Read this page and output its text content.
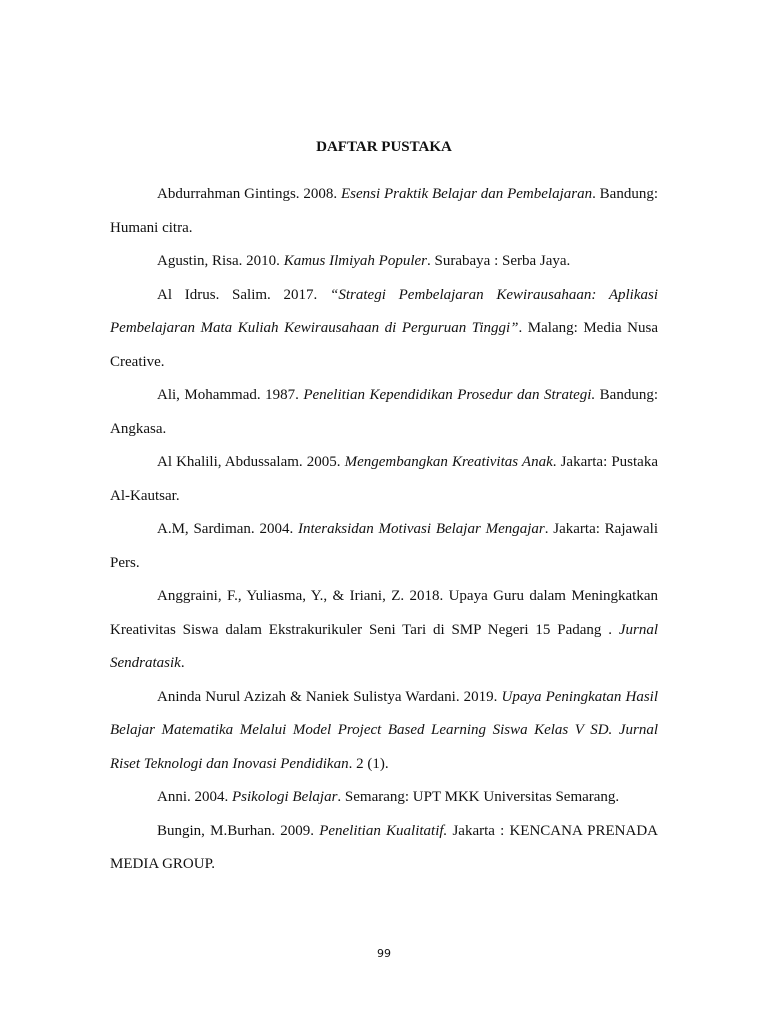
DAFTAR PUSTAKA

Abdurrahman Gintings. 2008. Esensi Praktik Belajar dan Pembelajaran. Bandung: Humani citra.

Agustin, Risa. 2010. Kamus Ilmiyah Populer. Surabaya : Serba Jaya.

Al Idrus. Salim. 2017. “Strategi Pembelajaran Kewirausahaan: Aplikasi Pembelajaran Mata Kuliah Kewirausahaan di Perguruan Tinggi”. Malang: Media Nusa Creative.

Ali, Mohammad. 1987. Penelitian Kependidikan Prosedur dan Strategi. Bandung: Angkasa.

Al Khalili, Abdussalam. 2005. Mengembangkan Kreativitas Anak. Jakarta: Pustaka Al-Kautsar.

A.M, Sardiman. 2004. Interaksidan Motivasi Belajar Mengajar. Jakarta: Rajawali Pers.

Anggraini, F., Yuliasma, Y., & Iriani, Z. 2018. Upaya Guru dalam Meningkatkan Kreativitas Siswa dalam Ekstrakurikuler Seni Tari di SMP Negeri 15 Padang . Jurnal Sendratasik.

Aninda Nurul Azizah & Naniek Sulistya Wardani. 2019. Upaya Peningkatan Hasil Belajar Matematika Melalui Model Project Based Learning Siswa Kelas V SD. Jurnal Riset Teknologi dan Inovasi Pendidikan. 2 (1).

Anni. 2004. Psikologi Belajar. Semarang: UPT MKK Universitas Semarang.

Bungin, M.Burhan. 2009. Penelitian Kualitatif. Jakarta : KENCANA PRENADA MEDIA GROUP.

99
